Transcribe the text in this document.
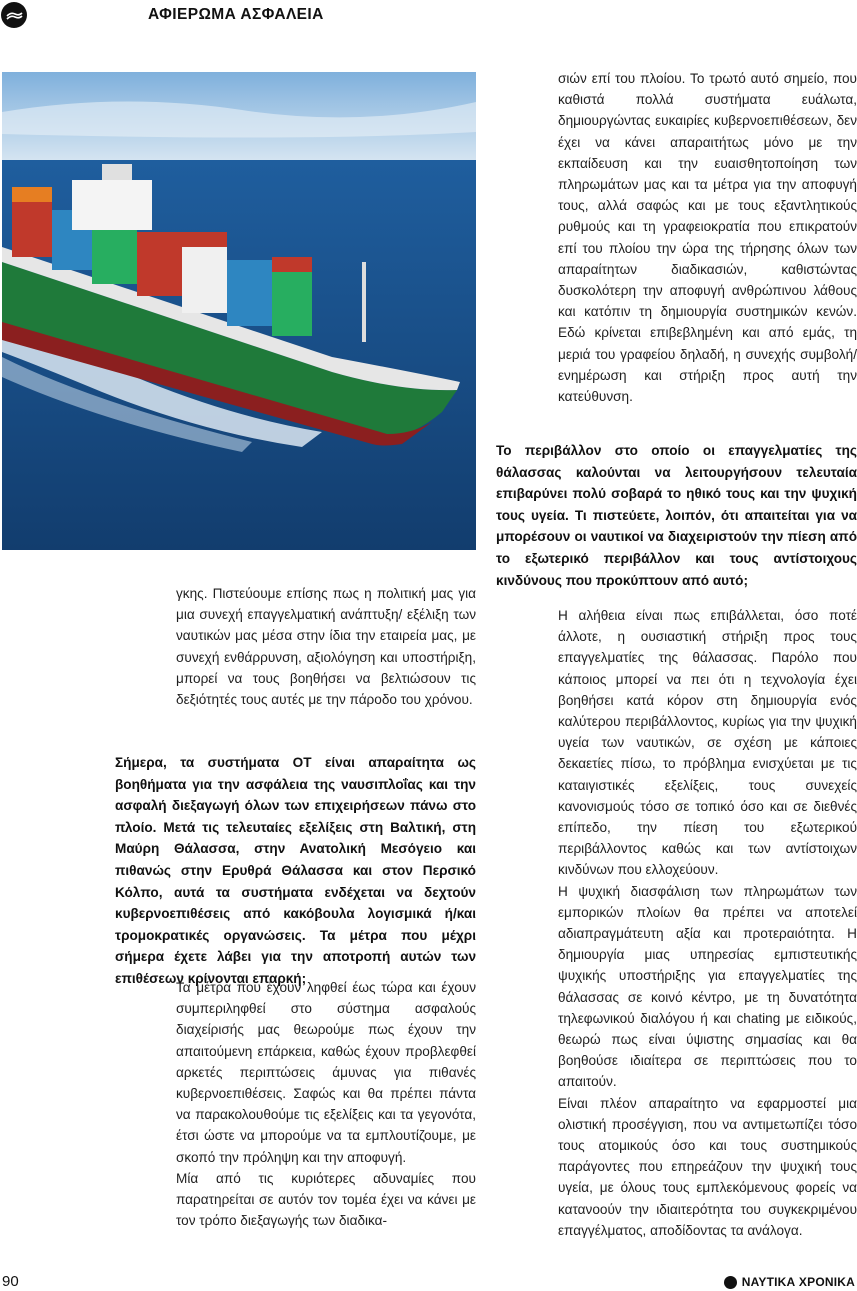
ΑΦΙΕΡΩΜΑ ΑΣΦΑΛΕΙΑ

γκης. Πιστεύουμε επίσης πως η πολιτική μας για μια συνεχή επαγγελματική ανάπτυξη/ εξέλιξη των ναυτικών μας μέσα στην ίδια την εταιρεία μας, με συνεχή ενθάρρυνση, αξιολόγηση και υποστήριξη, μπορεί να τους βοηθήσει να βελτιώσουν τις δεξιότητές τους αυτές με την πάροδο του χρόνου.

Σήμερα, τα συστήματα OT είναι απαραίτητα ως βοηθήματα για την ασφάλεια της ναυσιπλοΐας και την ασφαλή διεξαγωγή όλων των επιχειρήσεων πάνω στο πλοίο. Μετά τις τελευταίες εξελίξεις στη Βαλτική, στη Μαύρη Θάλασσα, στην Ανατολική Μεσόγειο και πιθανώς στην Ερυθρά Θάλασσα και στον Περσικό Κόλπο, αυτά τα συστήματα ενδέχεται να δεχτούν κυβερνοεπιθέσεις από κακόβουλα λογισμικά ή/και τρομοκρατικές οργανώσεις. Τα μέτρα που μέχρι σήμερα έχετε λάβει για την αποτροπή αυτών των επιθέσεων κρίνονται επαρκή;

Τα μέτρα που έχουν ληφθεί έως τώρα και έχουν συμπεριληφθεί στο σύστημα ασφαλούς διαχείρισής μας θεωρούμε πως έχουν την απαιτούμενη επάρκεια, καθώς έχουν προβλεφθεί αρκετές περιπτώσεις άμυνας για πιθανές κυβερνοεπιθέσεις. Σαφώς και θα πρέπει πάντα να παρακολουθούμε τις εξελίξεις και τα γεγονότα, έτσι ώστε να μπορούμε να τα εμπλουτίζουμε, με σκοπό την πρόληψη και την αποφυγή.

Μία από τις κυριότερες αδυναμίες που παρατηρείται σε αυτόν τον τομέα έχει να κάνει με τον τρόπο διεξαγωγής των διαδικα-

σιών επί του πλοίου. Το τρωτό αυτό σημείο, που καθιστά πολλά συστήματα ευάλωτα, δημιουργώντας ευκαιρίες κυβερνοεπιθέσεων, δεν έχει να κάνει απαραιτήτως μόνο με την εκπαίδευση και την ευαισθητοποίηση των πληρωμάτων μας και τα μέτρα για την αποφυγή τους, αλλά σαφώς και με τους εξαντλητικούς ρυθμούς και τη γραφειοκρατία που επικρατούν επί του πλοίου την ώρα της τήρησης όλων των απαραίτητων διαδικασιών, καθιστώντας δυσκολότερη την αποφυγή ανθρώπινου λάθους και κατόπιν τη δημιουργία συστημικών κενών. Εδώ κρίνεται επιβεβλημένη και από εμάς, τη μεριά του γραφείου δηλαδή, η συνεχής συμβολή/ ενημέρωση και στήριξη προς αυτή την κατεύθυνση.

Το περιβάλλον στο οποίο οι επαγγελματίες της θάλασσας καλούνται να λειτουργήσουν τελευταία επιβαρύνει πολύ σοβαρά το ηθικό τους και την ψυχική τους υγεία. Τι πιστεύετε, λοιπόν, ότι απαιτείται για να μπορέσουν οι ναυτικοί να διαχειριστούν την πίεση από το εξωτερικό περιβάλλον και τους αντίστοιχους κινδύνους που προκύπτουν από αυτό;

Η αλήθεια είναι πως επιβάλλεται, όσο ποτέ άλλοτε, η ουσιαστική στήριξη προς τους επαγγελματίες της θάλασσας. Παρόλο που κάποιος μπορεί να πει ότι η τεχνολογία έχει βοηθήσει κατά κόρον στη δημιουργία ενός καλύτερου περιβάλλοντος, κυρίως για την ψυχική υγεία των ναυτικών, σε σχέση με κάποιες δεκαετίες πίσω, το πρόβλημα ενισχύεται με τις καταιγιστικές εξελίξεις, τους συνεχείς κανονισμούς τόσο σε τοπικό όσο και σε διεθνές επίπεδο, την πίεση του εξωτερικού περιβάλλοντος καθώς και των αντίστοιχων κινδύνων που ελλοχεύουν.

Η ψυχική διασφάλιση των πληρωμάτων των εμπορικών πλοίων θα πρέπει να αποτελεί αδιαπραγμάτευτη αξία και προτεραιότητα. Η δημιουργία μιας υπηρεσίας εμπιστευτικής ψυχικής υποστήριξης για επαγγελματίες της θάλασσας σε κοινό κέντρο, με τη δυνατότητα τηλεφωνικού διαλόγου ή και chating με ειδικούς, θεωρώ πως είναι ύψιστης σημασίας και θα βοηθούσε ιδιαίτερα σε περιπτώσεις που το απαιτούν.

Είναι πλέον απαραίτητο να εφαρμοστεί μια ολιστική προσέγγιση, που να αντιμετωπίζει τόσο τους ατομικούς όσο και τους συστημικούς παράγοντες που επηρεάζουν την ψυχική τους υγεία, με όλους τους εμπλεκόμενους φορείς να κατανοούν την ιδιαιτερότητα του συγκεκριμένου επαγγέλματος, αποδίδοντας τα ανάλογα.

90	ΝΑΥΤΙΚΑ ΧΡΟΝΙΚΑ
